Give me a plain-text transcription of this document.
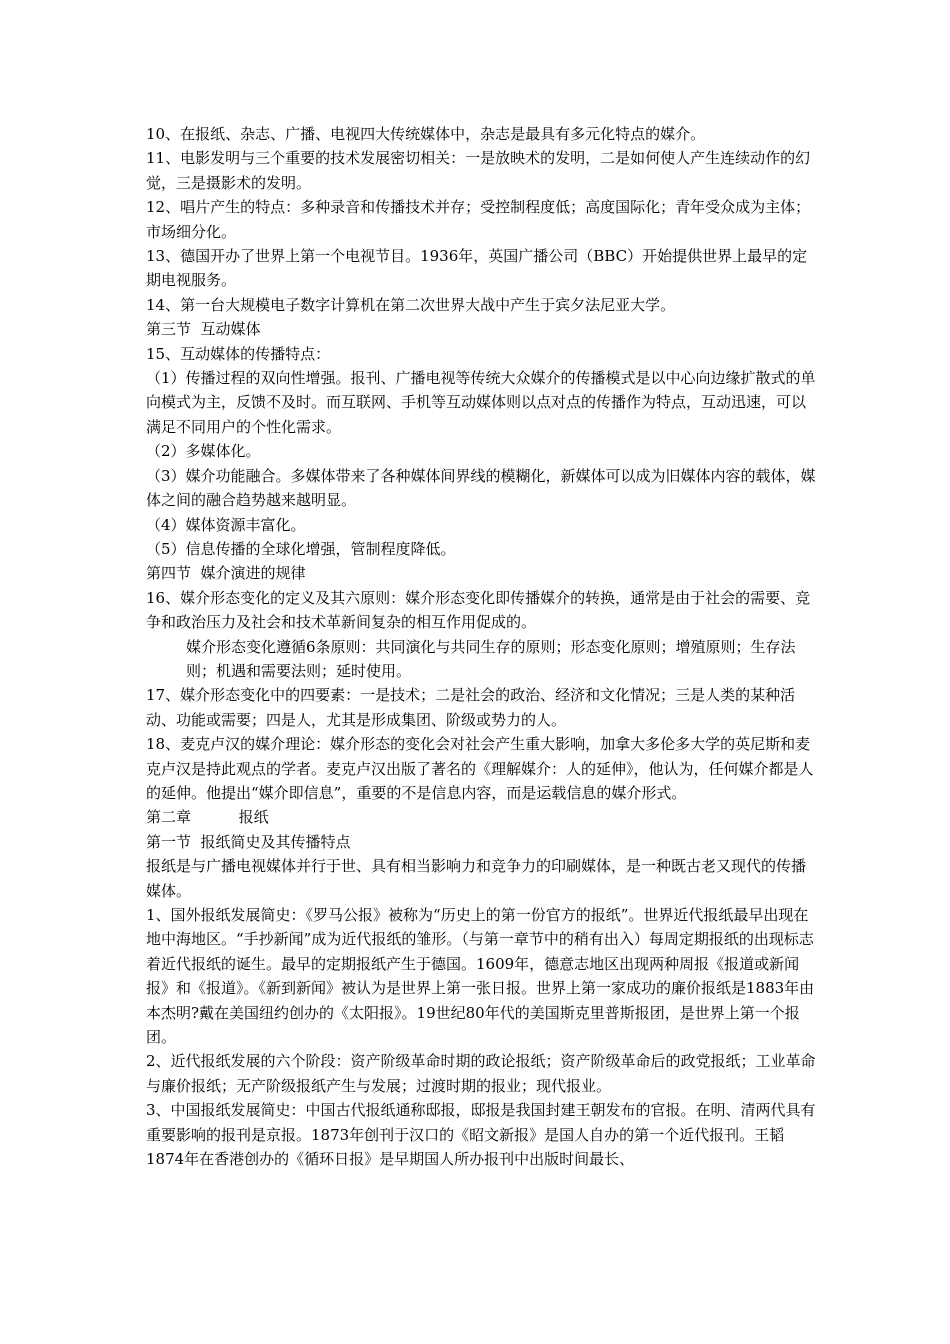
10、在报纸、杂志、广播、电视四大传统媒体中，杂志是最具有多元化特点的媒介。

11、电影发明与三个重要的技术发展密切相关：一是放映术的发明，二是如何使人产生连续动作的幻觉，三是摄影术的发明。

12、唱片产生的特点：多种录音和传播技术并存；受控制程度低；高度国际化；青年受众成为主体；市场细分化。

13、德国开办了世界上第一个电视节目。1936年，英国广播公司（BBC）开始提供世界上最早的定期电视服务。

14、第一台大规模电子数字计算机在第二次世界大战中产生于宾夕法尼亚大学。

第三节  互动媒体

15、互动媒体的传播特点：

（1）传播过程的双向性增强。报刊、广播电视等传统大众媒介的传播模式是以中心向边缘扩散式的单向模式为主，反馈不及时。而互联网、手机等互动媒体则以点对点的传播作为特点，互动迅速，可以满足不同用户的个性化需求。

（2）多媒体化。

（3）媒介功能融合。多媒体带来了各种媒体间界线的模糊化，新媒体可以成为旧媒体内容的载体，媒体之间的融合趋势越来越明显。

（4）媒体资源丰富化。

（5）信息传播的全球化增强，管制程度降低。

第四节  媒介演进的规律

16、媒介形态变化的定义及其六原则：媒介形态变化即传播媒介的转换，通常是由于社会的需要、竞争和政治压力及社会和技术革新间复杂的相互作用促成的。

媒介形态变化遵循6条原则：共同演化与共同生存的原则；形态变化原则；增殖原则；生存法则；机遇和需要法则；延时使用。

17、媒介形态变化中的四要素：一是技术；二是社会的政治、经济和文化情况；三是人类的某种活动、功能或需要；四是人，尤其是形成集团、阶级或势力的人。

18、麦克卢汉的媒介理论：媒介形态的变化会对社会产生重大影响，加拿大多伦多大学的英尼斯和麦克卢汉是持此观点的学者。麦克卢汉出版了著名的《理解媒介：人的延伸》，他认为，任何媒介都是人的延伸。他提出“媒介即信息”，重要的不是信息内容，而是运载信息的媒介形式。

第二章          报纸

第一节  报纸简史及其传播特点

报纸是与广播电视媒体并行于世、具有相当影响力和竞争力的印刷媒体，是一种既古老又现代的传播媒体。

1、国外报纸发展简史：《罗马公报》被称为“历史上的第一份官方的报纸”。世界近代报纸最早出现在地中海地区。“手抄新闻”成为近代报纸的雏形。（与第一章节中的稍有出入）每周定期报纸的出现标志着近代报纸的诞生。最早的定期报纸产生于德国。1609年，德意志地区出现两种周报《报道或新闻报》和《报道》。《新到新闻》被认为是世界上第一张日报。世界上第一家成功的廉价报纸是1883年由本杰明?戴在美国纽约创办的《太阳报》。19世纪80年代的美国斯克里普斯报团，是世界上第一个报团。

2、近代报纸发展的六个阶段：资产阶级革命时期的政论报纸；资产阶级革命后的政党报纸；工业革命与廉价报纸；无产阶级报纸产生与发展；过渡时期的报业；现代报业。

3、中国报纸发展简史：中国古代报纸通称邸报，邸报是我国封建王朝发布的官报。在明、清两代具有重要影响的报刊是京报。1873年创刊于汉口的《昭文新报》是国人自办的第一个近代报刊。王韬1874年在香港创办的《循环日报》是早期国人所办报刊中出版时间最长、
